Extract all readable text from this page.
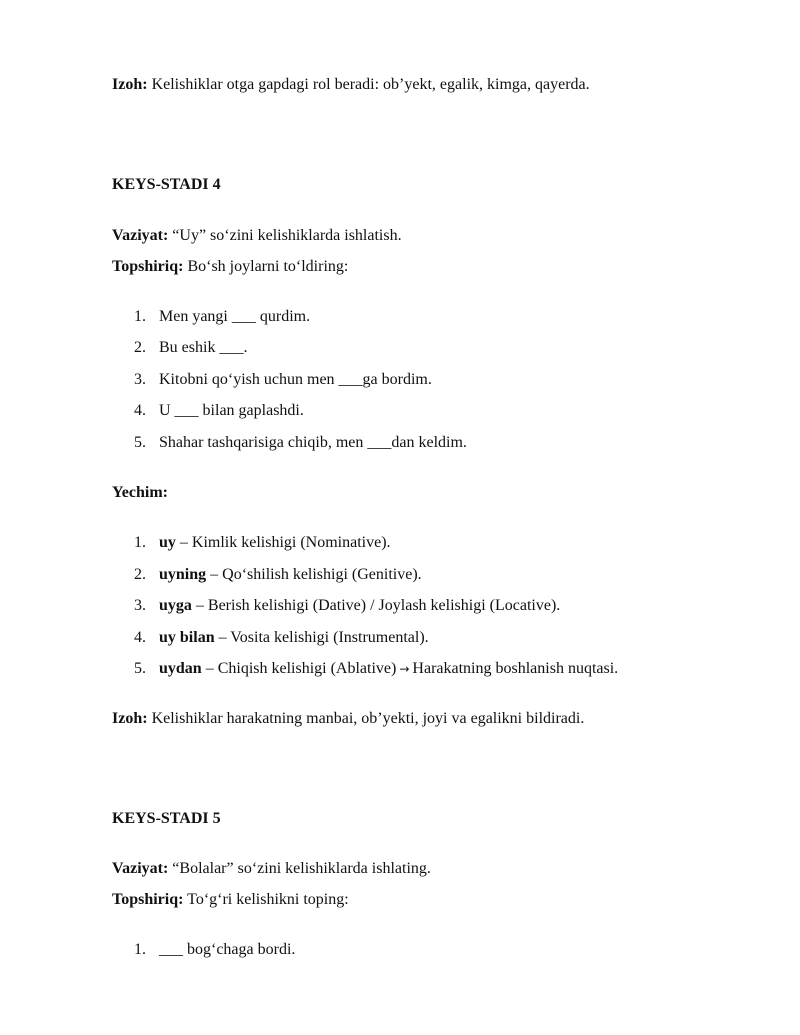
Izoh: Kelishiklar otga gapdagi rol beradi: ob’yekt, egalik, kimga, qayerda.
KEYS-STADI 4
Vaziyat: “Uy” so‘zini kelishiklarda ishlatish.
Topshiriq: Bo‘sh joylarni to‘ldiring:
1. Men yangi ___ qurdim.
2. Bu eshik ___.
3. Kitobni qo‘yish uchun men ___ga bordim.
4. U ___ bilan gaplashdi.
5. Shahar tashqarisiga chiqib, men ___dan keldim.
Yechim:
1. uy – Kimlik kelishigi (Nominative).
2. uyning – Qo‘shilish kelishigi (Genitive).
3. uyga – Berish kelishigi (Dative) / Joylash kelishigi (Locative).
4. uy bilan – Vosita kelishigi (Instrumental).
5. uydan – Chiqish kelishigi (Ablative) → Harakatning boshlanish nuqtasi.
Izoh: Kelishiklar harakatning manbai, ob’yekti, joyi va egalikni bildiradi.
KEYS-STADI 5
Vaziyat: “Bolalar” so‘zini kelishiklarda ishlating.
Topshiriq: To‘g‘ri kelishikni toping:
1. ___ bog‘chaga bordi.
